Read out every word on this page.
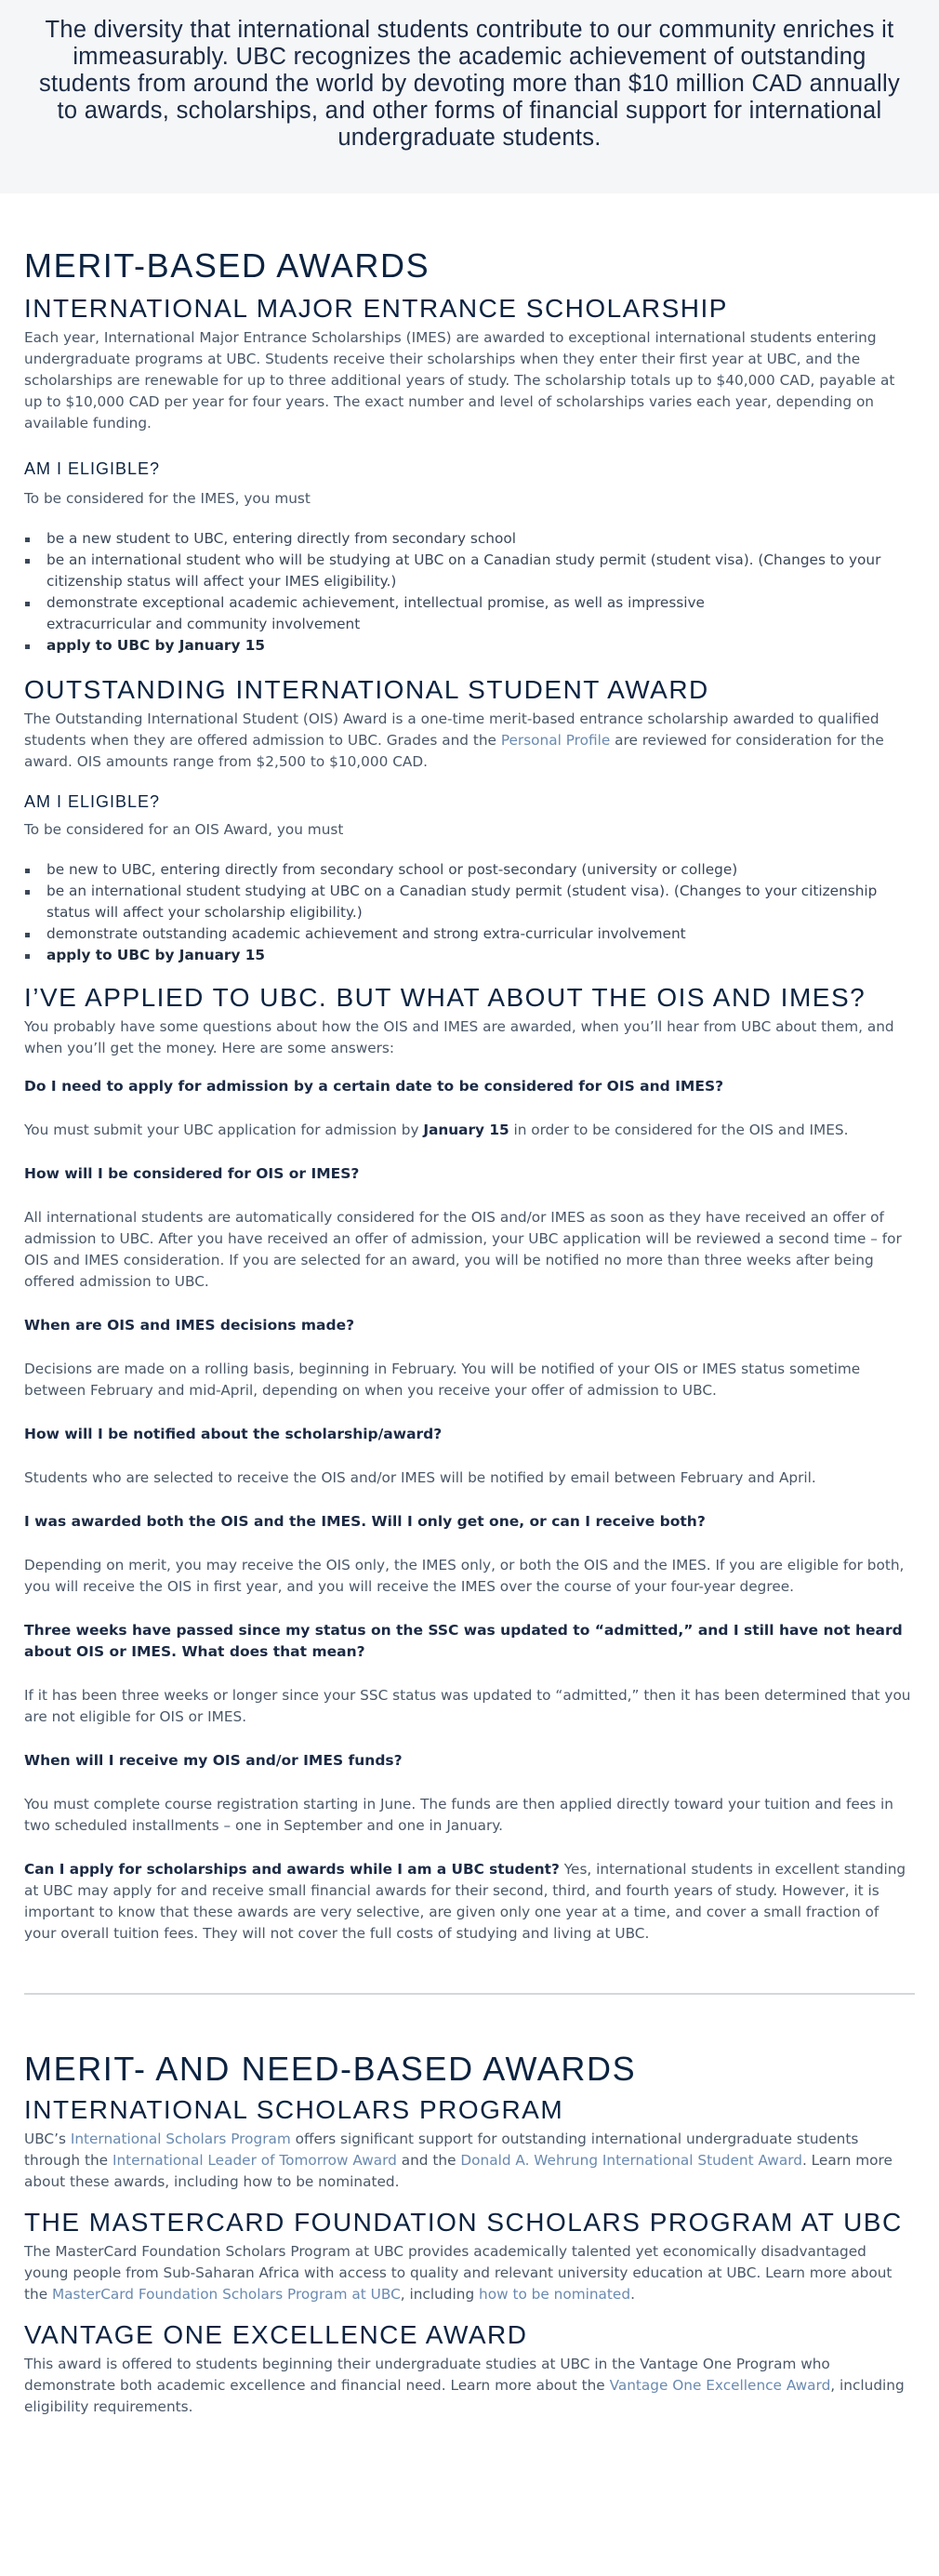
The diversity that international students contribute to our community enriches it immeasurably. UBC recognizes the academic achievement of outstanding students from around the world by devoting more than $10 million CAD annually to awards, scholarships, and other forms of financial support for international undergraduate students.

MERIT-BASED AWARDS
INTERNATIONAL MAJOR ENTRANCE SCHOLARSHIP

Each year, International Major Entrance Scholarships (IMES) are awarded to exceptional international students entering undergraduate programs at UBC. Students receive their scholarships when they enter their first year at UBC, and the scholarships are renewable for up to three additional years of study. The scholarship totals up to $40,000 CAD, payable at up to $10,000 CAD per year for four years. The exact number and level of scholarships varies each year, depending on available funding.

AM I ELIGIBLE?

To be considered for the IMES, you must

be a new student to UBC, entering directly from secondary school
be an international student who will be studying at UBC on a Canadian study permit (student visa). (Changes to your citizenship status will affect your IMES eligibility.)
demonstrate exceptional academic achievement, intellectual promise, as well as impressive extracurricular and community involvement
apply to UBC by January 15
OUTSTANDING INTERNATIONAL STUDENT AWARD

The Outstanding International Student (OIS) Award is a one-time merit-based entrance scholarship awarded to qualified students when they are offered admission to UBC. Grades and the Personal Profile are reviewed for consideration for the award. OIS amounts range from $2,500 to $10,000 CAD.

AM I ELIGIBLE?

To be considered for an OIS Award, you must

be new to UBC, entering directly from secondary school or post-secondary (university or college)
be an international student studying at UBC on a Canadian study permit (student visa). (Changes to your citizenship status will affect your scholarship eligibility.)
demonstrate outstanding academic achievement and strong extra-curricular involvement
apply to UBC by January 15
I’VE APPLIED TO UBC. BUT WHAT ABOUT THE OIS AND IMES?

You probably have some questions about how the OIS and IMES are awarded, when you’ll hear from UBC about them, and when you’ll get the money. Here are some answers:

Do I need to apply for admission by a certain date to be considered for OIS and IMES?

You must submit your UBC application for admission by January 15 in order to be considered for the OIS and IMES.

How will I be considered for OIS or IMES?

All international students are automatically considered for the OIS and/or IMES as soon as they have received an offer of admission to UBC. After you have received an offer of admission, your UBC application will be reviewed a second time – for OIS and IMES consideration. If you are selected for an award, you will be notified no more than three weeks after being offered admission to UBC.

When are OIS and IMES decisions made?

Decisions are made on a rolling basis, beginning in February. You will be notified of your OIS or IMES status sometime between February and mid-April, depending on when you receive your offer of admission to UBC.

How will I be notified about the scholarship/award?

Students who are selected to receive the OIS and/or IMES will be notified by email between February and April.

I was awarded both the OIS and the IMES. Will I only get one, or can I receive both?

Depending on merit, you may receive the OIS only, the IMES only, or both the OIS and the IMES. If you are eligible for both, you will receive the OIS in first year, and you will receive the IMES over the course of your four-year degree.

Three weeks have passed since my status on the SSC was updated to “admitted,” and I still have not heard about OIS or IMES. What does that mean?

If it has been three weeks or longer since your SSC status was updated to “admitted,” then it has been determined that you are not eligible for OIS or IMES.

When will I receive my OIS and/or IMES funds?

You must complete course registration starting in June. The funds are then applied directly toward your tuition and fees in two scheduled installments – one in September and one in January.

Can I apply for scholarships and awards while I am a UBC student? Yes, international students in excellent standing at UBC may apply for and receive small financial awards for their second, third, and fourth years of study. However, it is important to know that these awards are very selective, are given only one year at a time, and cover a small fraction of your overall tuition fees. They will not cover the full costs of studying and living at UBC.

MERIT- AND NEED-BASED AWARDS
INTERNATIONAL SCHOLARS PROGRAM

UBC’s International Scholars Program offers significant support for outstanding international undergraduate students through the International Leader of Tomorrow Award and the Donald A. Wehrung International Student Award. Learn more about these awards, including how to be nominated.

THE MASTERCARD FOUNDATION SCHOLARS PROGRAM AT UBC

The MasterCard Foundation Scholars Program at UBC provides academically talented yet economically disadvantaged young people from Sub-Saharan Africa with access to quality and relevant university education at UBC. Learn more about the MasterCard Foundation Scholars Program at UBC, including how to be nominated.

VANTAGE ONE EXCELLENCE AWARD

This award is offered to students beginning their undergraduate studies at UBC in the Vantage One Program who demonstrate both academic excellence and financial need. Learn more about the Vantage One Excellence Award, including eligibility requirements.
